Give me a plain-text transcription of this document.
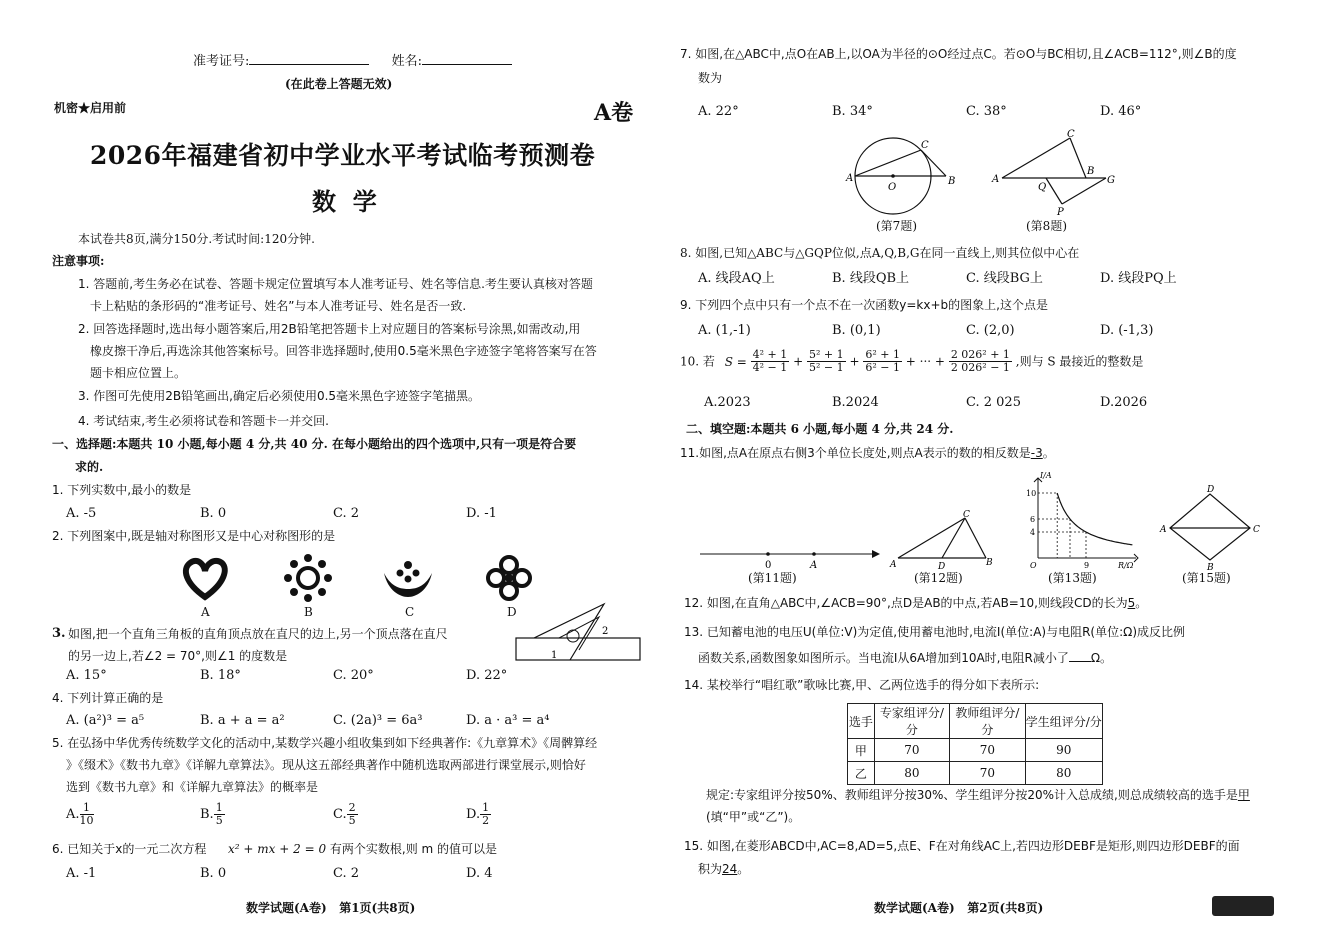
准考证号:	姓名:
(在此卷上答题无效)
机密★启用前	A卷
2026年福建省初中学业水平考试临考预测卷
数  学
本试卷共8页,满分150分.考试时间:120分钟.
注意事项:
1. 答题前,考生务必在试卷、答题卡规定位置填写本人准考证号、姓名等信息.考生要认真核对答题
卡上粘贴的条形码的“准考证号、姓名”与本人准考证号、姓名是否一致.
2. 回答选择题时,选出每小题答案后,用2B铅笔把答题卡上对应题目的答案标号涂黑,如需改动,用
橡皮擦干净后,再选涂其他答案标号。回答非选择题时,使用0.5毫米黑色字迹签字笔将答案写在答
题卡相应位置上。
3. 作图可先使用2B铅笔画出,确定后必须使用0.5毫米黑色字迹签字笔描黑。
4. 考试结束,考生必须将试卷和答题卡一并交回.
一、选择题:本题共 10 小题,每小题 4 分,共 40 分. 在每小题给出的四个选项中,只有一项是符合要
求的.
1. 下列实数中,最小的数是
A. -5	B. 0	C. 2	D. -1
2. 下列图案中,既是轴对称图形又是中心对称图形的是
A	B	C	D
3. 如图,把一个直角三角板的直角顶点放在直尺的边上,另一个顶点落在直尺
的另一边上,若∠2 = 70°,则∠1 的度数是
2
1
A. 15°	B. 18°	C. 20°	D. 22°
4. 下列计算正确的是
A. (a²)³ = a⁵	B. a + a = a²	C. (2a)³ = 6a³	D. a · a³ = a⁴
5. 在弘扬中华优秀传统数学文化的活动中,某数学兴趣小组收集到如下经典著作:《九章算术》《周髀算经
》《缀术》《数书九章》《详解九章算法》。现从这五部经典著作中随机选取两部进行课堂展示,则恰好
选到《数书九章》和《详解九章算法》的概率是
A. $\frac{1}{10}$	B. $\frac{1}{5}$	C. $\frac{2}{5}$	D. $\frac{1}{2}$
6. 已知关于x的一元二次方程 x² + mx + 2 = 0 有两个实数根,则 m 的值可以是
A. -1	B. 0	C. 2	D. 4
数学试题(A卷)   第1页(共8页)
7. 如图,在△ABC中,点O在AB上,以OA为半径的⊙O经过点C。若⊙O与BC相切,且∠ACB=112°,则∠B的度
数为
A. 22°	B. 34°	C. 38°	D. 46°
A
O
B
C
(第7题)
A
Q
B
G
C
P
(第8题)
8. 如图,已知△ABC与△GQP位似,点A,Q,B,G在同一直线上,则其位似中心在
A. 线段AQ上	B. 线段QB上	C. 线段BG上	D. 线段PQ上
9. 下列四个点中只有一个点不在一次函数y=kx+b的图象上,这个点是
A. (1,-1)	B. (0,1)	C. (2,0)	D. (-1,3)
10. 若 $S = \frac{\text{4² + 1}}{\text{4² − 1}} + \frac{\text{5² + 1}}{\text{5² − 1}} + \frac{\text{6² + 1}}{\text{6² − 1}}$ + ··· + $\frac{\text{2 026² + 1}}{\text{2 026² − 1}}$ ,则与 S 最接近的整数是
A.2023	B.2024	C. 2 025	D.2026
二、填空题:本题共 6 小题,每小题 4 分,共 24 分.
11.如图,点A在原点右侧3个单位长度处,则点A表示的数的相反数是-3。
0	A
(第11题)
A	D	B
C
(第12题)
I/A
10
6
4
O	9	R/Ω
(第13题)
D
A	C
B
(第15题)
12. 如图,在直角△ABC中,∠ACB=90°,点D是AB的中点,若AB=10,则线段CD的长为5。
13. 已知蓄电池的电压U(单位:V)为定值,使用蓄电池时,电流I(单位:A)与电阻R(单位:Ω)成反比例
函数关系,函数图象如图所示。当电流I从6A增加到10A时,电阻R减小了 Ω。
14. 某校举行“唱红歌”歌咏比赛,甲、乙两位选手的得分如下表所示:
选手	专家组评分/分	教师组评分/分	学生组评分/分
甲	70	70	90
乙	80	70	80
规定:专家组评分按50%、教师组评分按30%、学生组评分按20%计入总成绩,则总成绩较高的选手是甲
(填“甲”或“乙”)。
15. 如图,在菱形ABCD中,AC=8,AD=5,点E、F在对角线AC上,若四边形DEBF是矩形,则四边形DEBF的面
积为24。
数学试题(A卷)   第2页(共8页)
